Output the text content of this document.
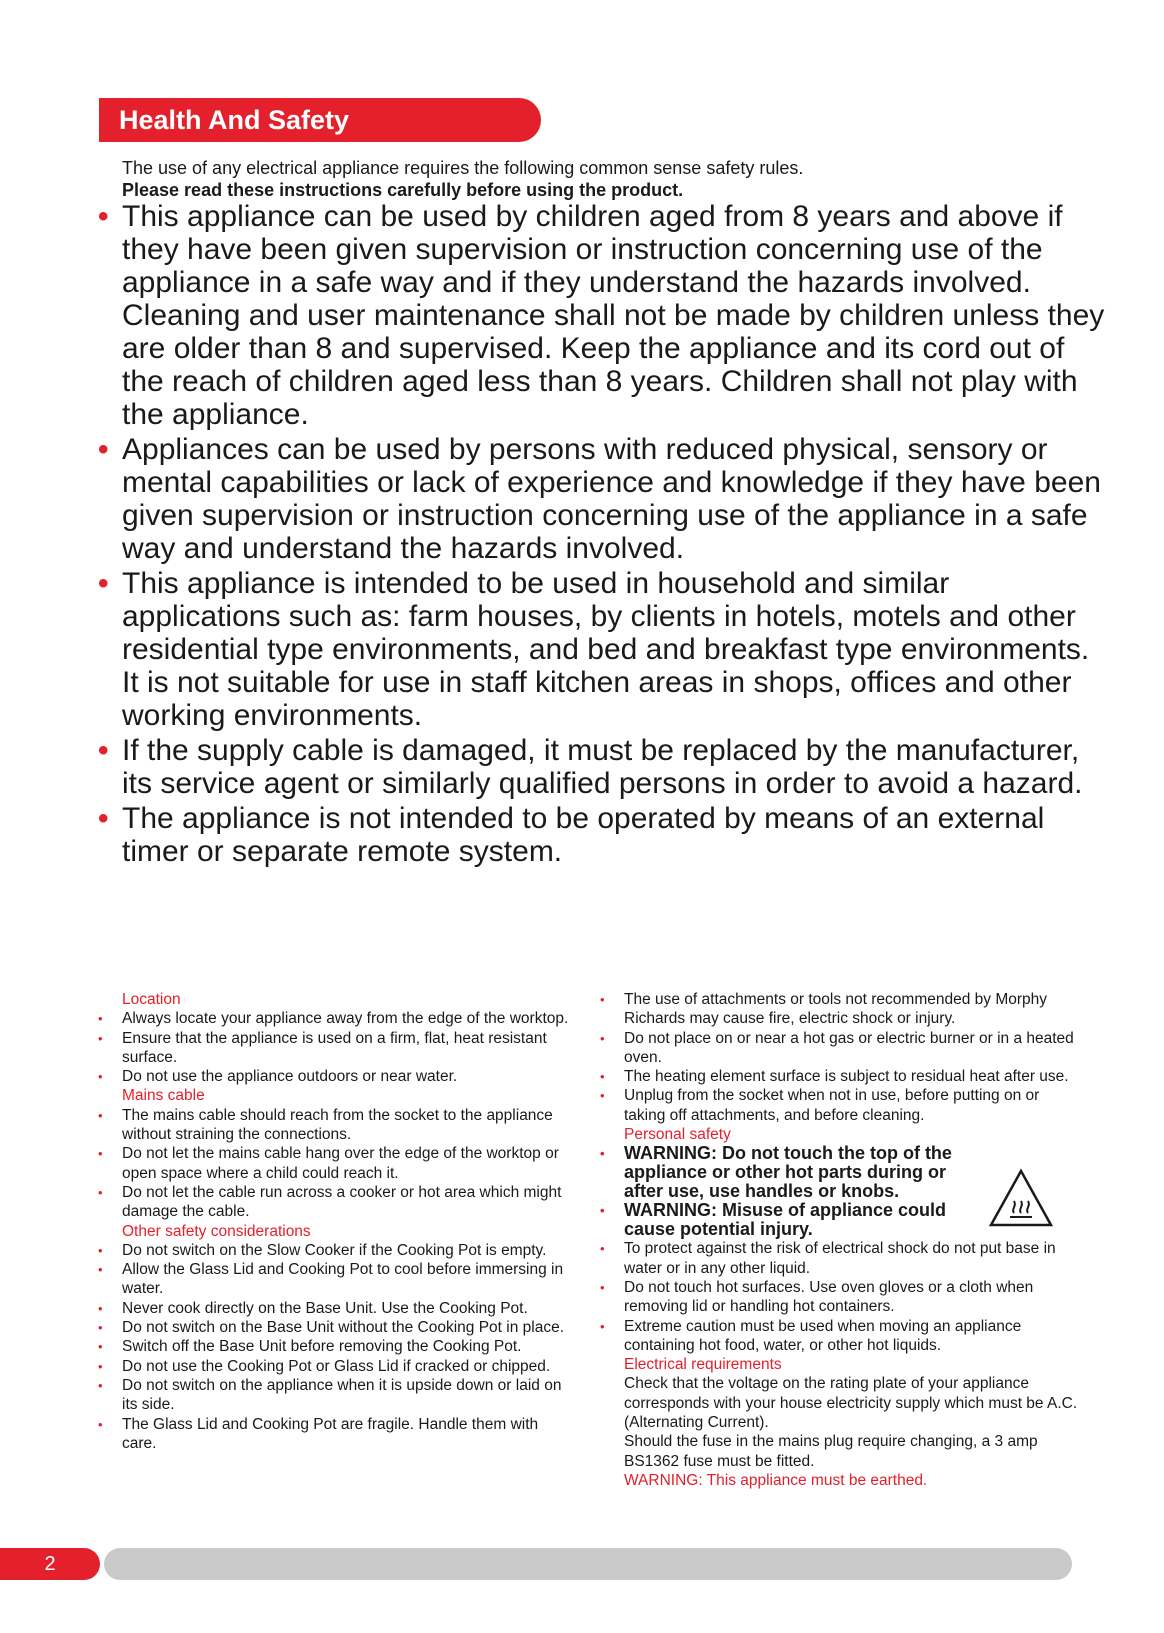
Health And Safety
The use of any electrical appliance requires the following common sense safety rules.
Please read these instructions carefully before using the product.
• This appliance can be used by children aged from 8 years and above if they have been given supervision or instruction concerning use of the appliance in a safe way and if they understand the hazards involved. Cleaning and user maintenance shall not be made by children unless they are older than 8 and supervised. Keep the appliance and its cord out of the reach of children aged less than 8 years. Children shall not play with the appliance.
• Appliances can be used by persons with reduced physical, sensory or mental capabilities or lack of experience and knowledge if they have been given supervision or instruction concerning use of the appliance in a safe way and understand the hazards involved.
• This appliance is intended to be used in household and similar applications such as: farm houses, by clients in hotels, motels and other residential type environments, and bed and breakfast type environments. It is not suitable for use in staff kitchen areas in shops, offices and other working environments.
• If the supply cable is damaged, it must be replaced by the manufacturer, its service agent or similarly qualified persons in order to avoid a hazard.
• The appliance is not intended to be operated by means of an external timer or separate remote system.
Location
• Always locate your appliance away from the edge of the worktop.
• Ensure that the appliance is used on a firm, flat, heat resistant surface.
• Do not use the appliance outdoors or near water.
Mains cable
• The mains cable should reach from the socket to the appliance without straining the connections.
• Do not let the mains cable hang over the edge of the worktop or open space where a child could reach it.
• Do not let the cable run across a cooker or hot area which might damage the cable.
Other safety considerations
• Do not switch on the Slow Cooker if the Cooking Pot is empty.
• Allow the Glass Lid and Cooking Pot to cool before immersing in water.
• Never cook directly on the Base Unit. Use the Cooking Pot.
• Do not switch on the Base Unit without the Cooking Pot in place.
• Switch off the Base Unit before removing the Cooking Pot.
• Do not use the Cooking Pot or Glass Lid if cracked or chipped.
• Do not switch on the appliance when it is upside down or laid on its side.
• The Glass Lid and Cooking Pot are fragile. Handle them with care.
• The use of attachments or tools not recommended by Morphy Richards may cause fire, electric shock or injury.
• Do not place on or near a hot gas or electric burner or in a heated oven.
• The heating element surface is subject to residual heat after use.
• Unplug from the socket when not in use, before putting on or taking off attachments, and before cleaning.
Personal safety
• WARNING: Do not touch the top of the appliance or other hot parts during or after use, use handles or knobs.
• WARNING: Misuse of appliance could cause potential injury.
• To protect against the risk of electrical shock do not put base in water or in any other liquid.
• Do not touch hot surfaces. Use oven gloves or a cloth when removing lid or handling hot containers.
• Extreme caution must be used when moving an appliance containing hot food, water, or other hot liquids.
Electrical requirements
Check that the voltage on the rating plate of your appliance corresponds with your house electricity supply which must be A.C. (Alternating Current).
Should the fuse in the mains plug require changing, a 3 amp BS1362 fuse must be fitted.
WARNING: This appliance must be earthed.
2
